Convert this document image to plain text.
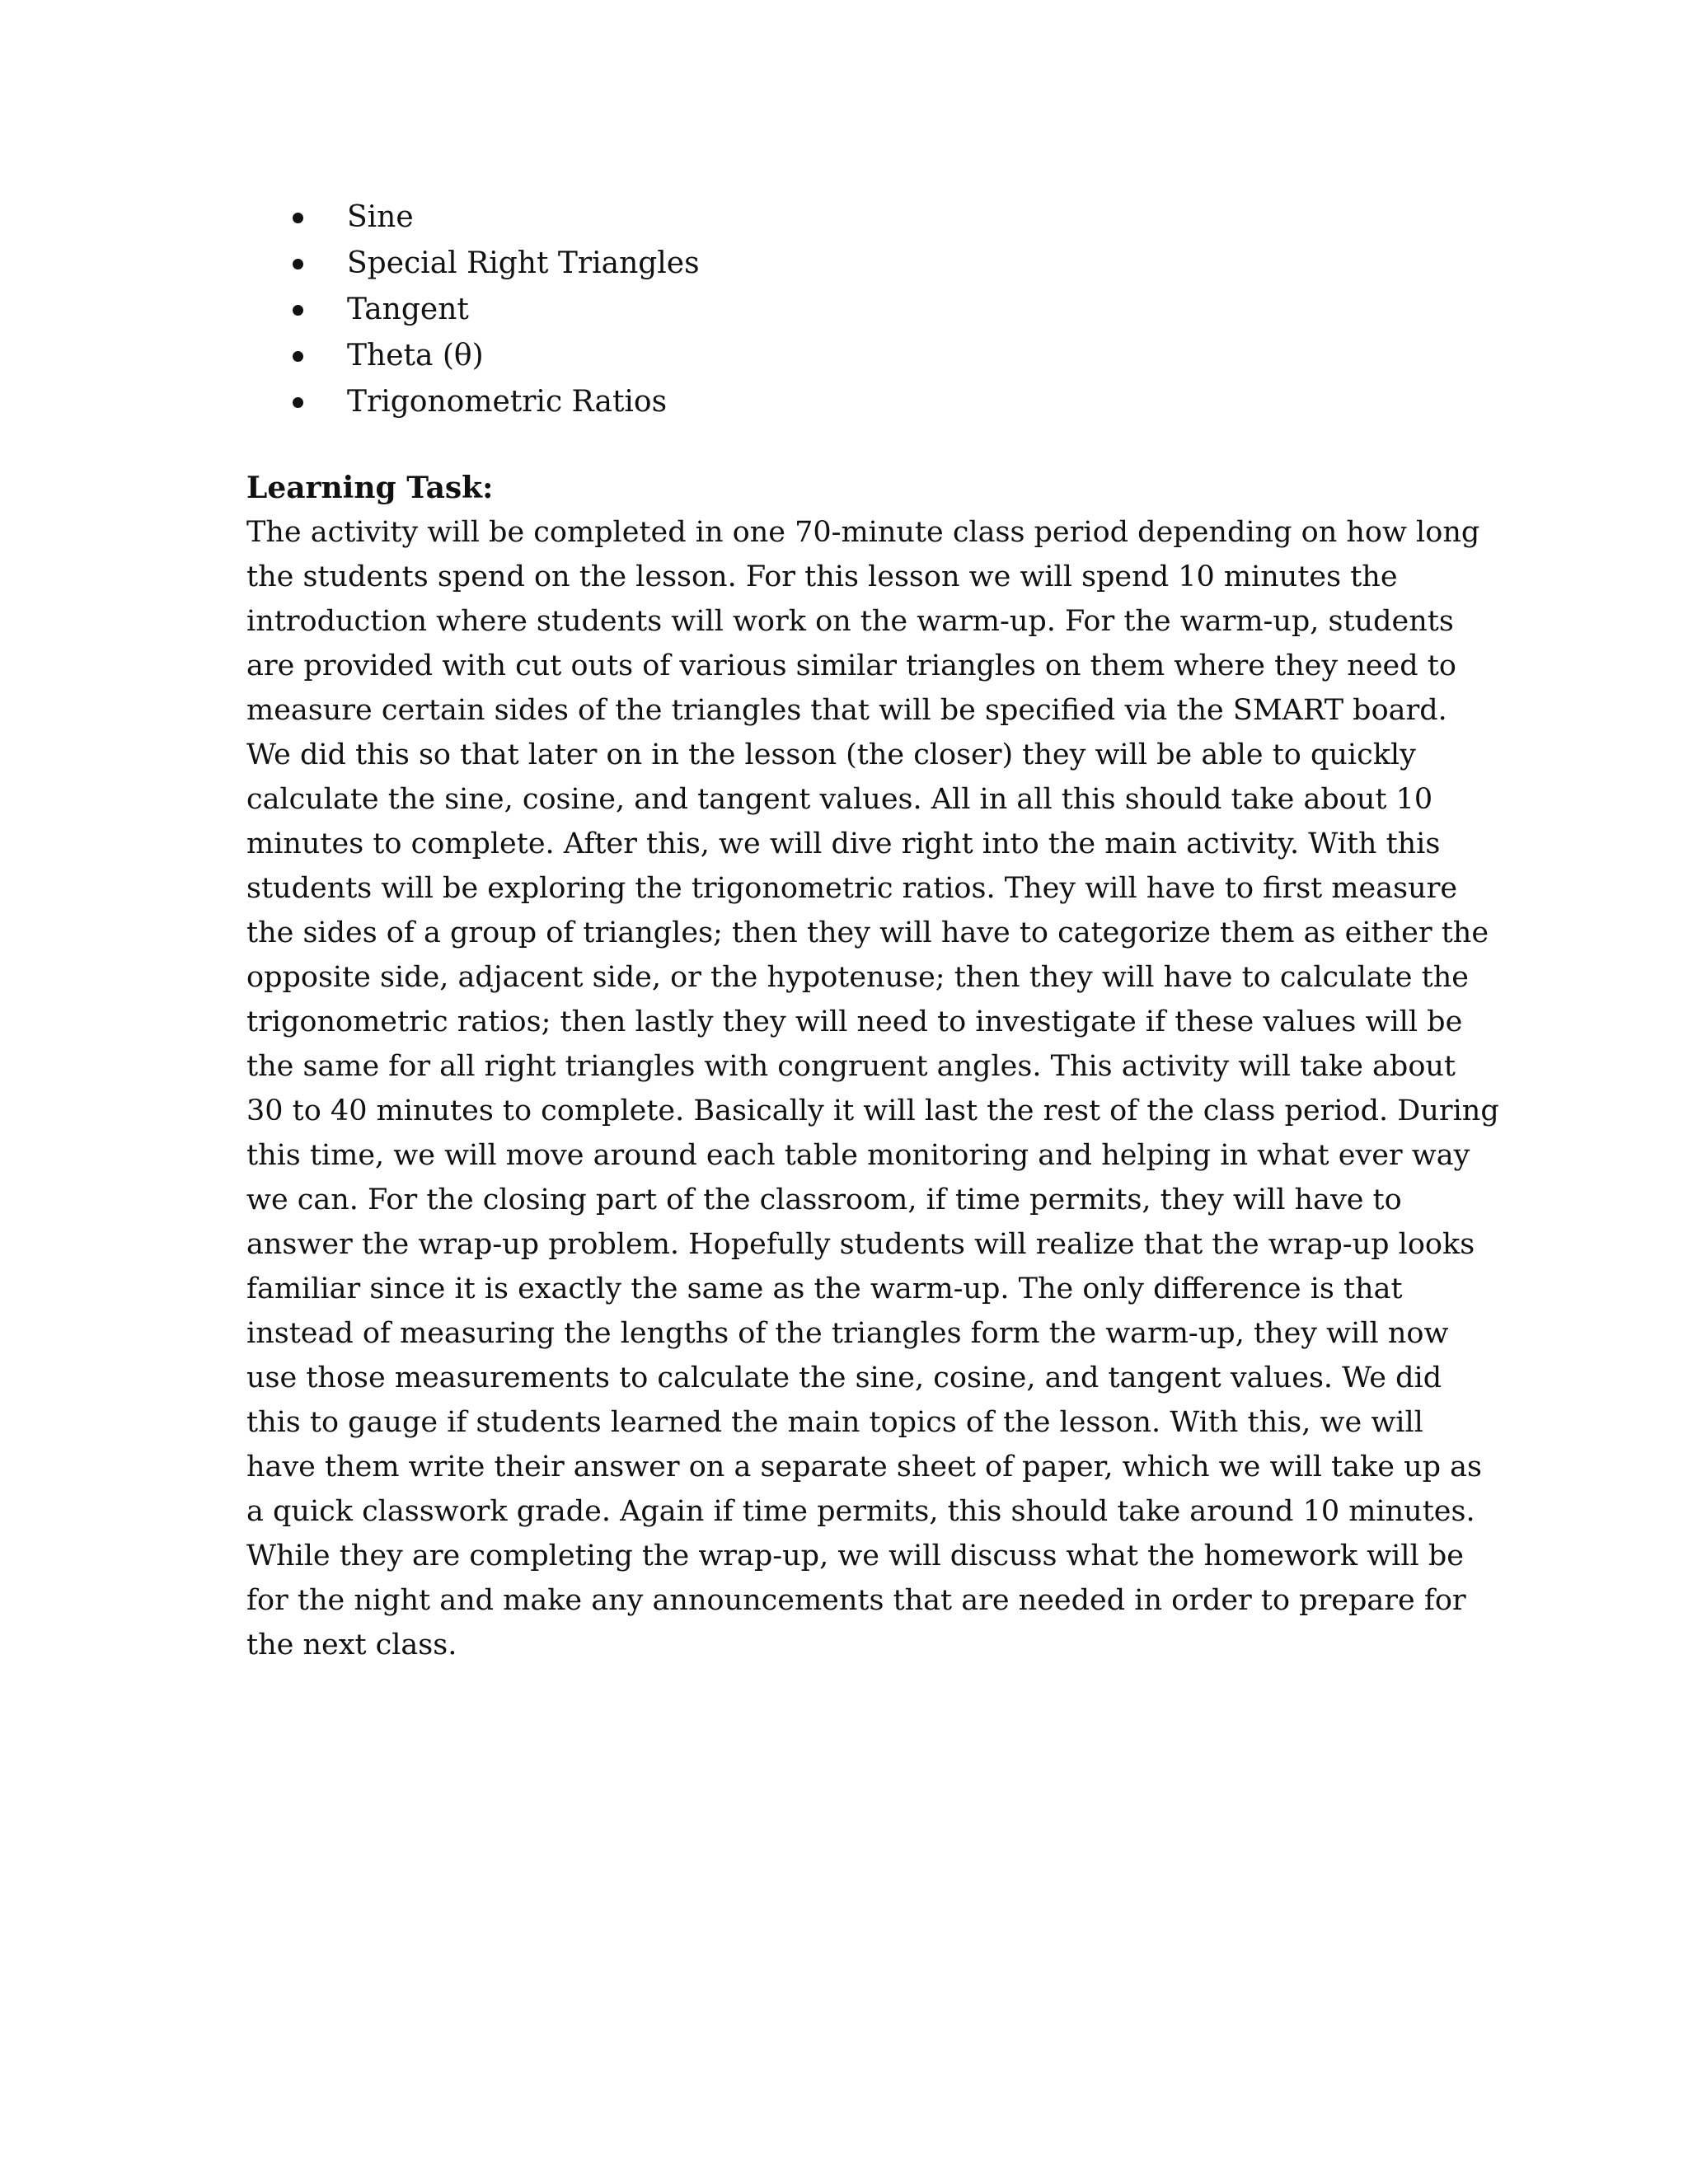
Sine
Special Right Triangles
Tangent
Theta (θ)
Trigonometric Ratios
Learning Task:
The activity will be completed in one 70-minute class period depending on how long
the students spend on the lesson. For this lesson we will spend 10 minutes the
introduction where students will work on the warm-up. For the warm-up, students
are provided with cut outs of various similar triangles on them where they need to
measure certain sides of the triangles that will be specified via the SMART board.
We did this so that later on in the lesson (the closer) they will be able to quickly
calculate the sine, cosine, and tangent values. All in all this should take about 10
minutes to complete. After this, we will dive right into the main activity. With this
students will be exploring the trigonometric ratios. They will have to first measure
the sides of a group of triangles; then they will have to categorize them as either the
opposite side, adjacent side, or the hypotenuse; then they will have to calculate the
trigonometric ratios; then lastly they will need to investigate if these values will be
the same for all right triangles with congruent angles. This activity will take about
30 to 40 minutes to complete. Basically it will last the rest of the class period. During
this time, we will move around each table monitoring and helping in what ever way
we can. For the closing part of the classroom, if time permits, they will have to
answer the wrap-up problem. Hopefully students will realize that the wrap-up looks
familiar since it is exactly the same as the warm-up. The only difference is that
instead of measuring the lengths of the triangles form the warm-up, they will now
use those measurements to calculate the sine, cosine, and tangent values. We did
this to gauge if students learned the main topics of the lesson. With this, we will
have them write their answer on a separate sheet of paper, which we will take up as
a quick classwork grade. Again if time permits, this should take around 10 minutes.
While they are completing the wrap-up, we will discuss what the homework will be
for the night and make any announcements that are needed in order to prepare for
the next class.
